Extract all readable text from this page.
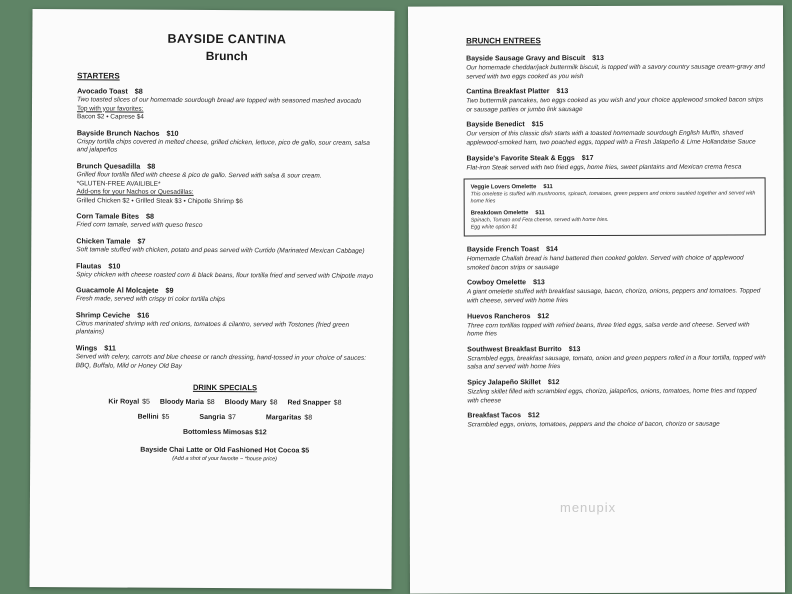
BAYSIDE CANTINA
Brunch
STARTERS
Avocado Toast $8
Two toasted slices of our homemade sourdough bread are topped with seasoned mashed avocado
Top with your favorites:
Bacon $2 • Caprese $4
Bayside Brunch Nachos $10
Crispy tortilla chips covered in melted cheese, grilled chicken, lettuce, pico de gallo, sour cream, salsa and jalapeños
Brunch Quesadilla $8
Grilled flour tortilla filled with cheese & pico de gallo. Served with salsa & sour cream.
*GLUTEN-FREE AVAILIBLE*
Add-ons for your Nachos or Quesadillas:
Grilled Chicken $2 • Grilled Steak $3 • Chipotle Shrimp $6
Corn Tamale Bites $8
Fried corn tamale, served with queso fresco
Chicken Tamale $7
Soft tamale stuffed with chicken, potato and peas served with Curtido (Marinated Mexican Cabbage)
Flautas $10
Spicy chicken with cheese roasted corn & black beans, flour tortilla fried and served with Chipotle mayo
Guacamole Al Molcajete $9
Fresh made, served with crispy tri color tortilla chips
Shrimp Ceviche $16
Citrus marinated shrimp with red onions, tomatoes & cilantro, served with Tostones (fried green plantains)
Wings $11
Served with celery, carrots and blue cheese or ranch dressing, hand-tossed in your choice of sauces: BBQ, Buffalo, Mild or Honey Old Bay
DRINK SPECIALS
Kir Royal $5 Bloody Maria $8 Bloody Mary $8 Red Snapper $8
Bellini $5	Sangria $7	Margaritas $8
Bottomless Mimosas $12
Bayside Chai Latte or Old Fashioned Hot Cocoa $5
(Add a shot of your favorite ~ *house price)
BRUNCH ENTREES
Bayside Sausage Gravy and Biscuit $13
Our homemade cheddar/jack buttermilk biscuit, is topped with a savory country sausage cream-gravy and served with two eggs cooked as you wish
Cantina Breakfast Platter $13
Two buttermilk pancakes, two eggs cooked as you wish and your choice applewood smoked bacon strips or sausage patties or jumbo link sausage
Bayside Benedict $15
Our version of this classic dish starts with a toasted homemade sourdough English Muffin, shaved applewood-smoked ham, two poached eggs, topped with a Fresh Jalapeño & Lime Hollandaise Sauce
Bayside's Favorite Steak & Eggs $17
Flat-iron Steak served with two fried eggs, home fries, sweet plantains and Mexican crema fresca
Veggie Lovers Omelette $11
This omelette is stuffed with mushrooms, spinach, tomatoes, green peppers and onions sautéed together and served with home fries
Breakdown Omelette $11
Spinach, Tomato and Feta cheese, served with home fries.
Egg white option $1
Bayside French Toast $14
Homemade Challah bread is hand battered then cooked golden. Served with choice of applewood smoked bacon strips or sausage
Cowboy Omelette $13
A giant omelette stuffed with breakfast sausage, bacon, chorizo, onions, peppers and tomatoes. Topped with cheese, served with home fries
Huevos Rancheros $12
Three corn tortillas topped with refried beans, three fried eggs, salsa verde and cheese. Served with home fries
Southwest Breakfast Burrito $13
Scrambled eggs, breakfast sausage, tomato, onion and green peppers rolled in a flour tortilla, topped with salsa and served with home fries
Spicy Jalapeño Skillet $12
Sizzling skillet filled with scrambled eggs, chorizo, jalapeños, onions, tomatoes, home fries and topped with cheese
Breakfast Tacos $12
Scrambled eggs, onions, tomatoes, peppers and the choice of bacon, chorizo or sausage
menupix
